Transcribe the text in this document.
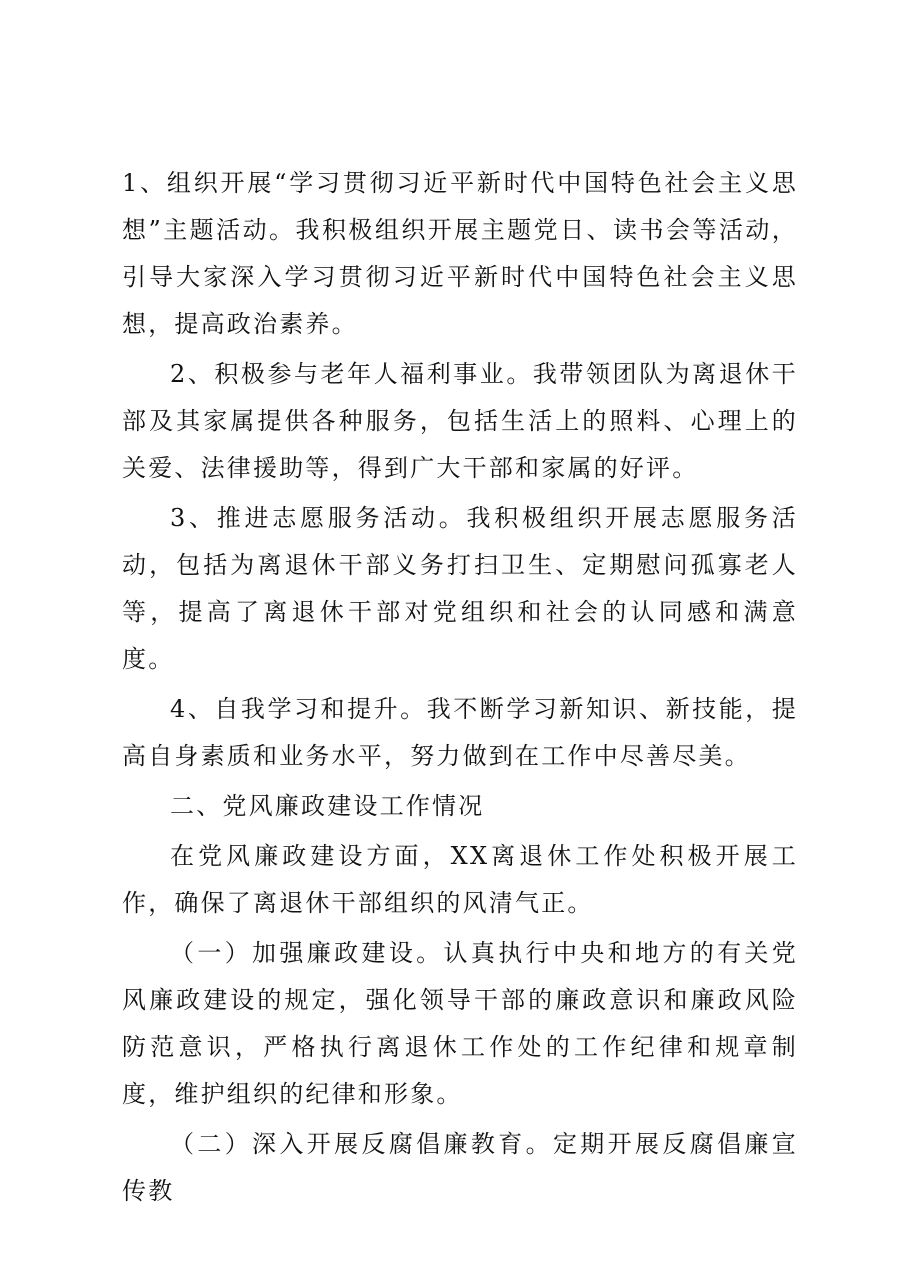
1、组织开展“学习贯彻习近平新时代中国特色社会主义思想”主题活动。我积极组织开展主题党日、读书会等活动，引导大家深入学习贯彻习近平新时代中国特色社会主义思想，提高政治素养。

2、积极参与老年人福利事业。我带领团队为离退休干部及其家属提供各种服务，包括生活上的照料、心理上的关爱、法律援助等，得到广大干部和家属的好评。

3、推进志愿服务活动。我积极组织开展志愿服务活动，包括为离退休干部义务打扫卫生、定期慰问孤寡老人等，提高了离退休干部对党组织和社会的认同感和满意度。

4、自我学习和提升。我不断学习新知识、新技能，提高自身素质和业务水平，努力做到在工作中尽善尽美。

二、党风廉政建设工作情况

在党风廉政建设方面，XX离退休工作处积极开展工作，确保了离退休干部组织的风清气正。

（一）加强廉政建设。认真执行中央和地方的有关党风廉政建设的规定，强化领导干部的廉政意识和廉政风险防范意识，严格执行离退休工作处的工作纪律和规章制度，维护组织的纪律和形象。

（二）深入开展反腐倡廉教育。定期开展反腐倡廉宣传教
